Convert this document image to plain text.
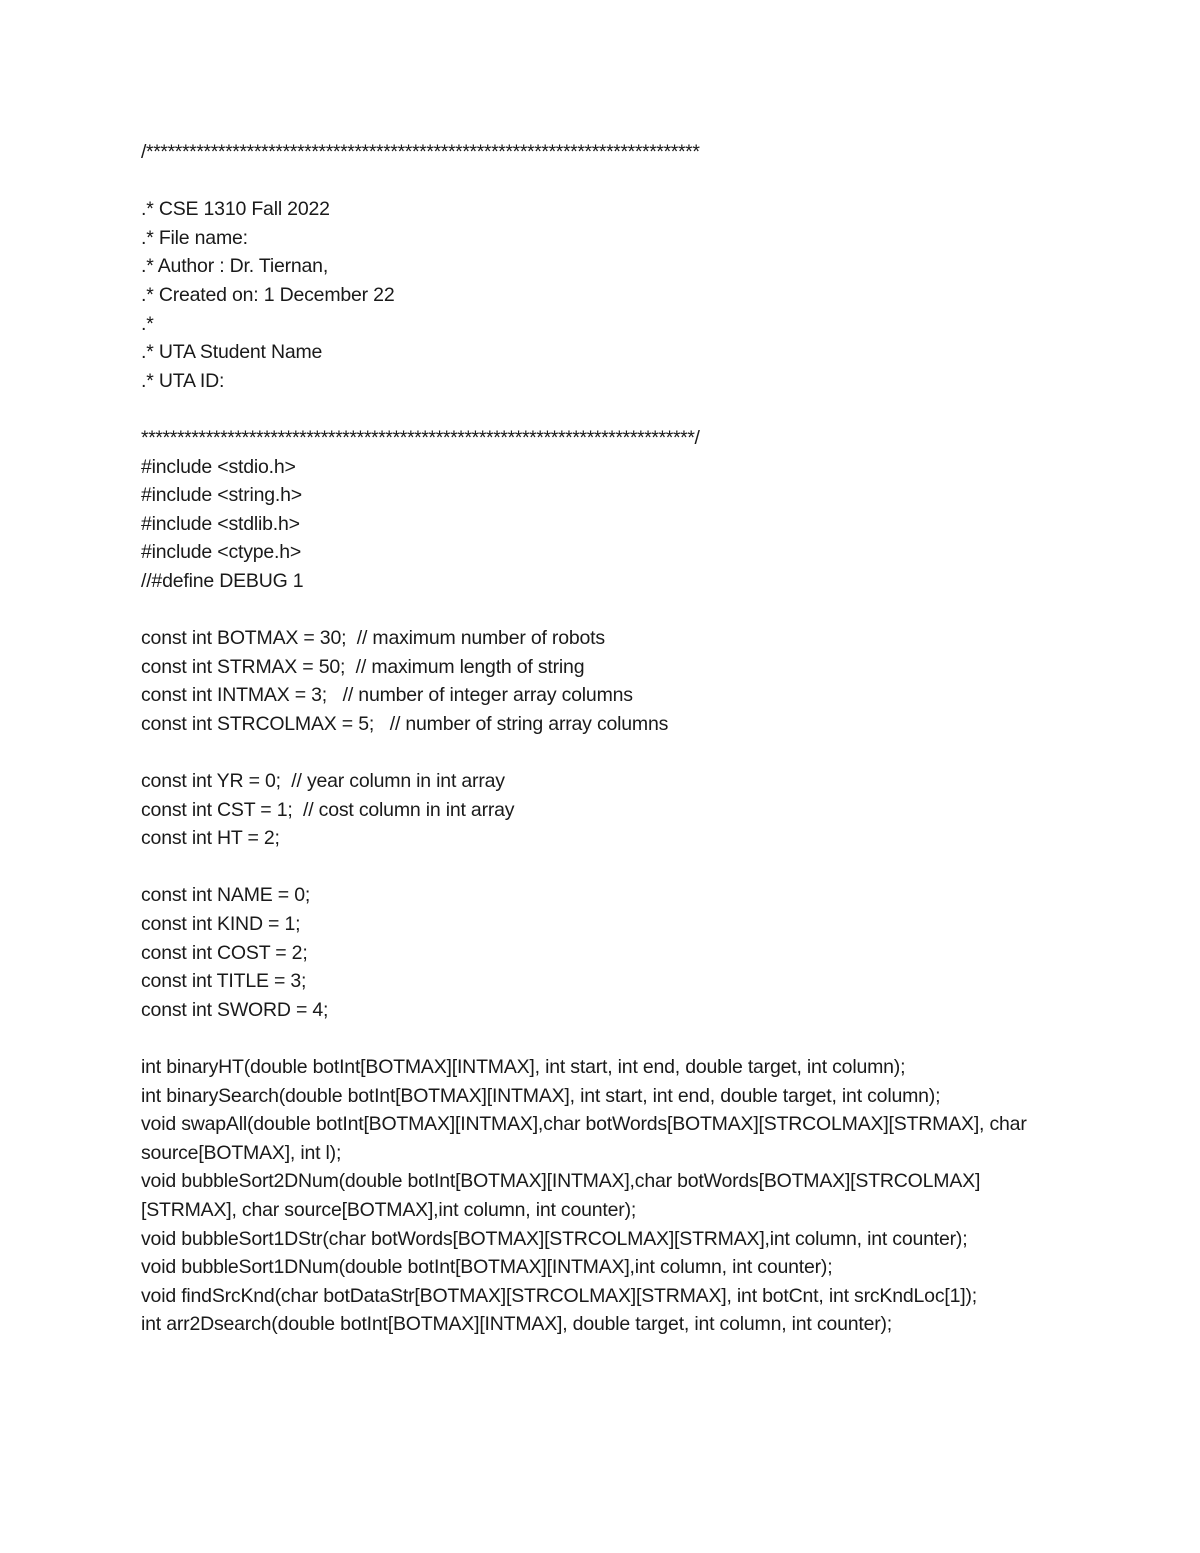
/*****************************************************************************
.* CSE 1310 Fall 2022
.* File name:
.* Author : Dr. Tiernan,
.* Created on: 1 December 22
.*
.* UTA Student Name
.* UTA ID:
*****************************************************************************/
#include <stdio.h>
#include <string.h>
#include <stdlib.h>
#include <ctype.h>
//#define DEBUG 1
const int BOTMAX = 30;  // maximum number of robots
const int STRMAX = 50;  // maximum length of string
const int INTMAX = 3;   // number of integer array columns
const int STRCOLMAX = 5;   // number of string array columns
const int YR = 0;  // year column in int array
const int CST = 1;  // cost column in int array
const int HT = 2;
const int NAME = 0;
const int KIND = 1;
const int COST = 2;
const int TITLE = 3;
const int SWORD = 4;
int binaryHT(double botInt[BOTMAX][INTMAX], int start, int end, double target, int column);
int binarySearch(double botInt[BOTMAX][INTMAX], int start, int end, double target, int column);
void swapAll(double botInt[BOTMAX][INTMAX],char botWords[BOTMAX][STRCOLMAX][STRMAX], char source[BOTMAX], int l);
void bubbleSort2DNum(double botInt[BOTMAX][INTMAX],char botWords[BOTMAX][STRCOLMAX][STRMAX], char source[BOTMAX],int column, int counter);
void bubbleSort1DStr(char botWords[BOTMAX][STRCOLMAX][STRMAX],int column, int counter);
void bubbleSort1DNum(double botInt[BOTMAX][INTMAX],int column, int counter);
void findSrcKnd(char botDataStr[BOTMAX][STRCOLMAX][STRMAX], int botCnt, int srcKndLoc[1]);
int arr2Dsearch(double botInt[BOTMAX][INTMAX], double target, int column, int counter);
